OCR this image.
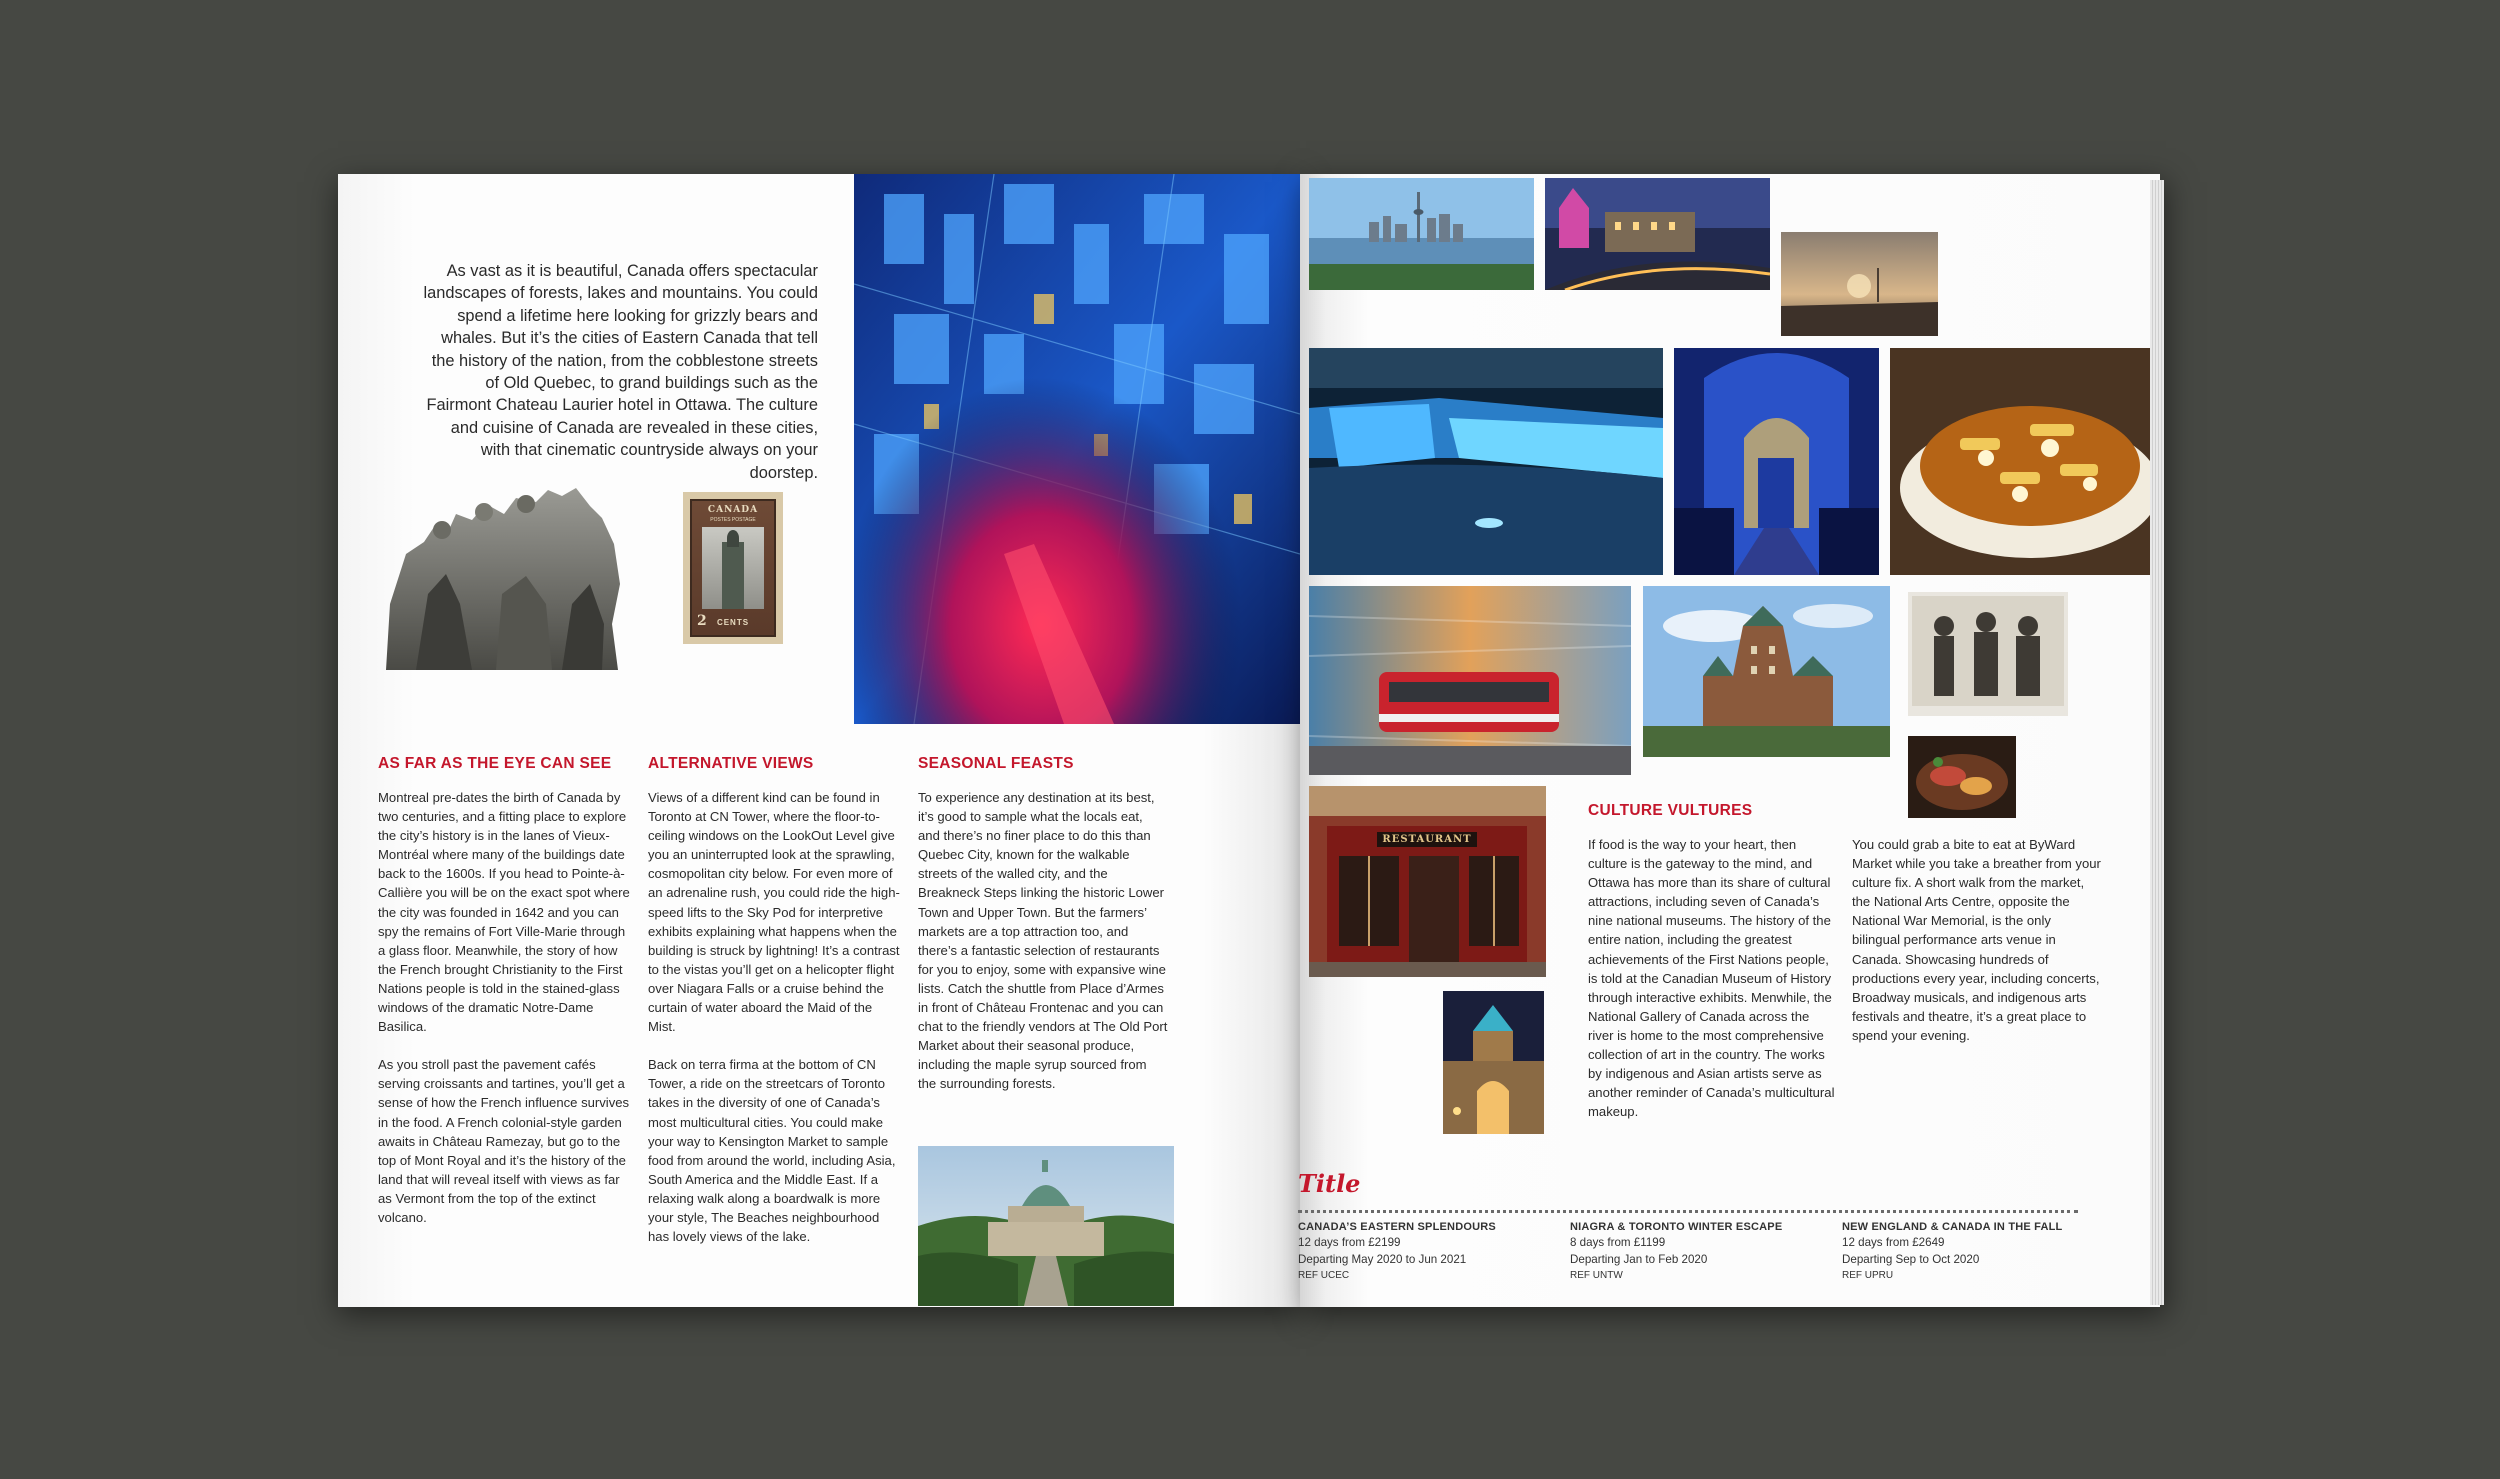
As vast as it is beautiful, Canada offers spectacular landscapes of forests, lakes and mountains. You could spend a lifetime here looking for grizzly bears and whales. But it’s the cities of Eastern Canada that tell the history of the nation, from the cobblestone streets of Old Quebec, to grand buildings such as the Fairmont Chateau Laurier hotel in Ottawa. The culture and cuisine of Canada are revealed in these cities, with that cinematic countryside always on your doorstep.
CANADA
POSTES POSTAGE
2	CENTS
AS FAR AS THE EYE CAN SEE

Montreal pre-dates the birth of Canada by two centuries, and a fitting place to explore the city’s history is in the lanes of Vieux-Montréal where many of the buildings date back to the 1600s. If you head to Pointe-à-Callière you will be on the exact spot where the city was founded in 1642 and you can spy the remains of Fort Ville-Marie through a glass floor. Meanwhile, the story of how the French brought Christianity to the First Nations people is told in the stained-glass windows of the dramatic Notre-Dame Basilica.

As you stroll past the pavement cafés serving croissants and tartines, you’ll get a sense of how the French influence survives in the food. A French colonial-style garden awaits in Château Ramezay, but go to the top of Mont Royal and it’s the history of the land that will reveal itself with views as far as Vermont from the top of the extinct volcano.

ALTERNATIVE VIEWS

Views of a different kind can be found in Toronto at CN Tower, where the floor-to-ceiling windows on the LookOut Level give you an uninterrupted look at the sprawling, cosmopolitan city below. For even more of an adrenaline rush, you could ride the high-speed lifts to the Sky Pod for interpretive exhibits explaining what happens when the building is struck by lightning! It’s a contrast to the vistas you’ll get on a helicopter flight over Niagara Falls or a cruise behind the curtain of water aboard the Maid of the Mist.

Back on terra firma at the bottom of CN Tower, a ride on the streetcars of Toronto takes in the diversity of one of Canada’s most multicultural cities. You could make your way to Kensington Market to sample food from around the world, including Asia, South America and the Middle East. If a relaxing walk along a boardwalk is more your style, The Beaches neighbourhood has lovely views of the lake.

SEASONAL FEASTS

To experience any destination at its best, it’s good to sample what the locals eat, and there’s no finer place to do this than Quebec City, known for the walkable streets of the walled city, and the Breakneck Steps linking the historic Lower Town and Upper Town. But the farmers’ markets are a top attraction too, and there’s a fantastic selection of restaurants for you to enjoy, some with expansive wine lists. Catch the shuttle from Place d’Armes in front of Château Frontenac and you can chat to the friendly vendors at The Old Port Market about their seasonal produce, including the maple syrup sourced from the surrounding forests.

RESTAURANT
CULTURE VULTURES

If food is the way to your heart, then culture is the gateway to the mind, and Ottawa has more than its share of cultural attractions, including seven of Canada’s nine national museums. The history of the entire nation, including the greatest achievements of the First Nations people, is told at the Canadian Museum of History through interactive exhibits. Menwhile, the National Gallery of Canada across the river is home to the most comprehensive collection of art in the country. The works by indigenous and Asian artists serve as another reminder of Canada’s multicultural makeup.

You could grab a bite to eat at ByWard Market while you take a breather from your culture fix. A short walk from the market, the National Arts Centre, opposite the National War Memorial, is the only bilingual performance arts venue in Canada. Showcasing hundreds of productions every year, including concerts, Broadway musicals, and indigenous arts festivals and theatre, it’s a great place to spend your evening.

Title
CANADA’S EASTERN SPLENDOURS
12 days from £2199
Departing May 2020 to Jun 2021
REF UCEC
NIAGRA & TORONTO WINTER ESCAPE
8 days from £1199
Departing Jan to Feb 2020
REF UNTW
NEW ENGLAND & CANADA IN THE FALL
12 days from £2649
Departing Sep to Oct 2020
REF UPRU
